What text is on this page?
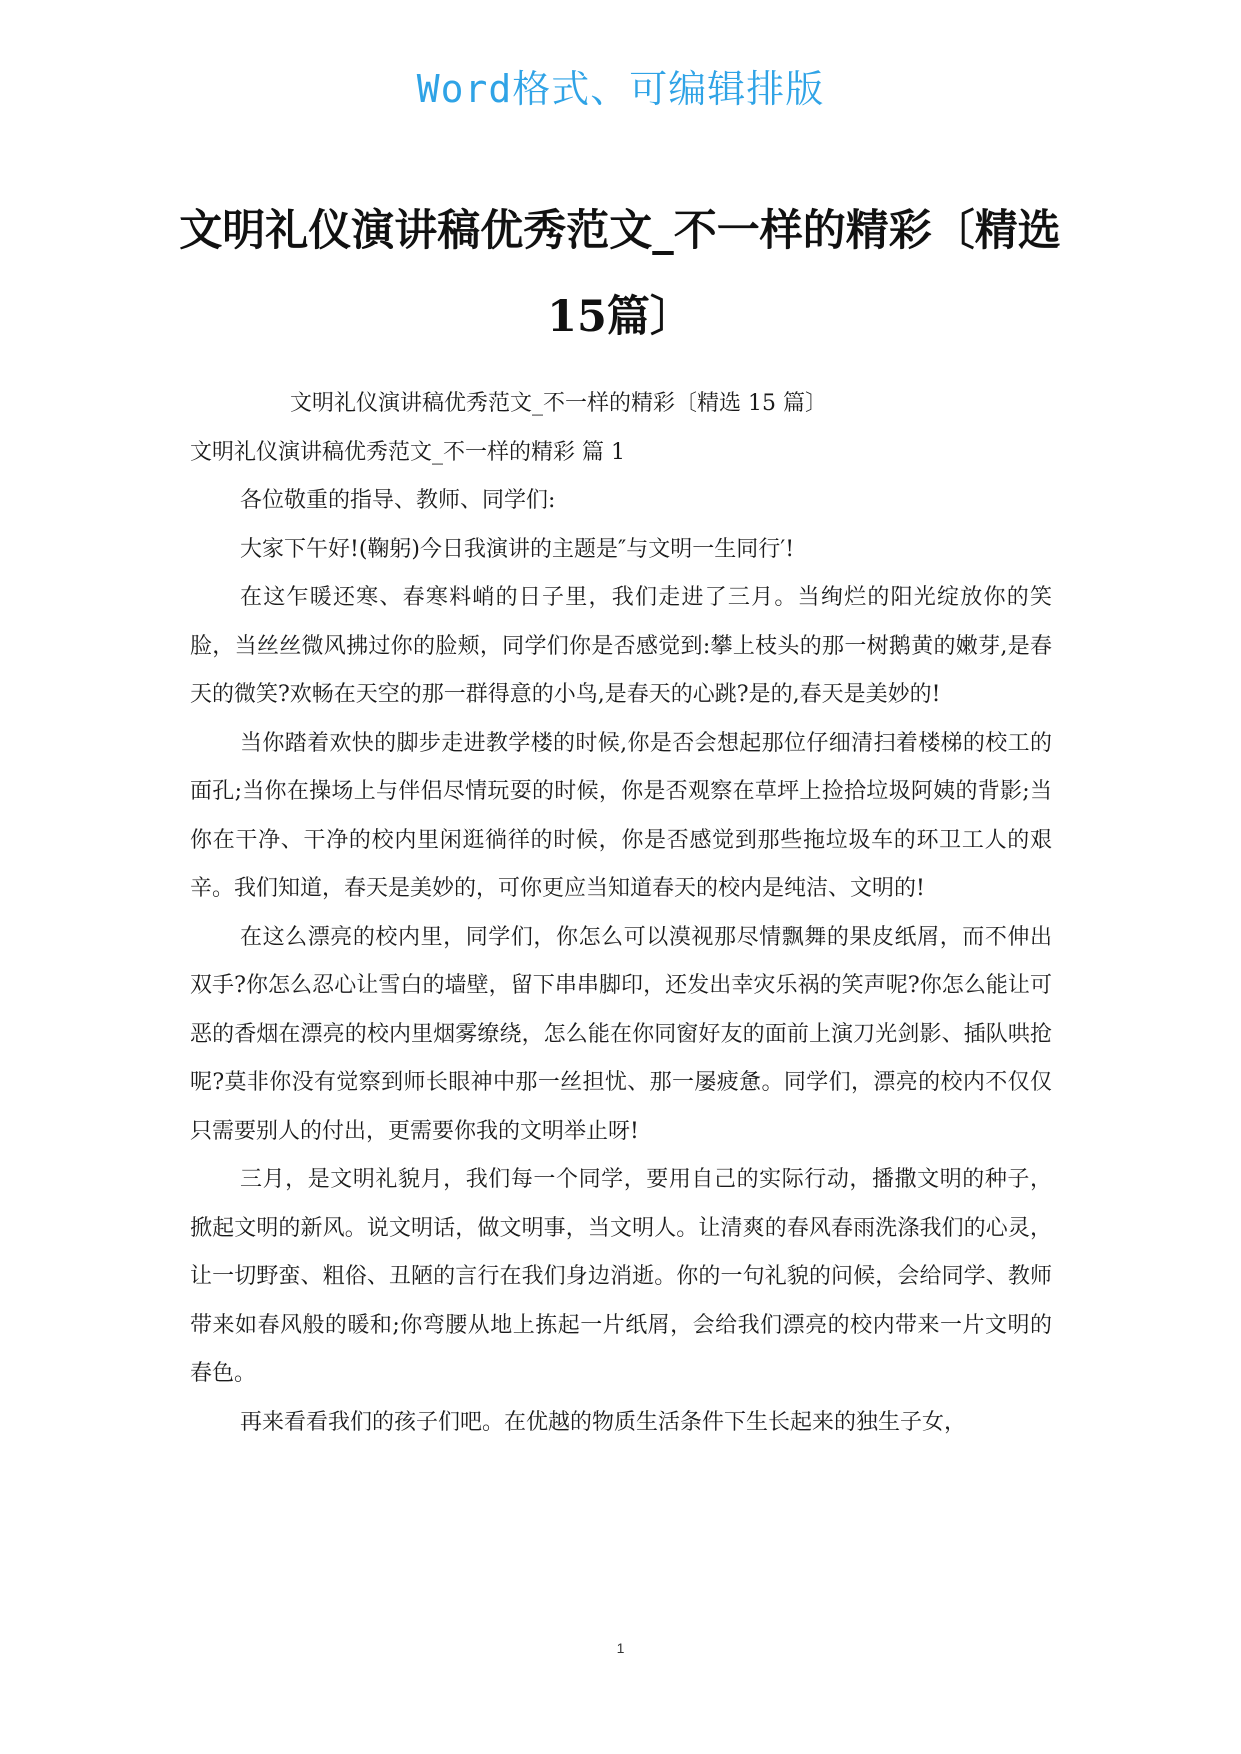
Word格式、可编辑排版
文明礼仪演讲稿优秀范文_不一样的精彩〔精选
15篇〕

文明礼仪演讲稿优秀范文_不一样的精彩〔精选 15 篇〕

文明礼仪演讲稿优秀范文_不一样的精彩 篇 1

各位敬重的指导、教师、同学们:

大家下午好!(鞠躬)今日我演讲的主题是″与文明一生同行′!

在这乍暖还寒、春寒料峭的日子里，我们走进了三月。当绚烂的阳光绽放你的笑脸，当丝丝微风拂过你的脸颊，同学们你是否感觉到:攀上枝头的那一树鹅黄的嫩芽,是春天的微笑?欢畅在天空的那一群得意的小鸟,是春天的心跳?是的,春天是美妙的!

当你踏着欢快的脚步走进教学楼的时候,你是否会想起那位仔细清扫着楼梯的校工的面孔;当你在操场上与伴侣尽情玩耍的时候，你是否观察在草坪上捡拾垃圾阿姨的背影;当你在干净、干净的校内里闲逛徜徉的时候，你是否感觉到那些拖垃圾车的环卫工人的艰辛。我们知道，春天是美妙的，可你更应当知道春天的校内是纯洁、文明的!

在这么漂亮的校内里，同学们，你怎么可以漠视那尽情飘舞的果皮纸屑，而不伸出双手?你怎么忍心让雪白的墙壁，留下串串脚印，还发出幸灾乐祸的笑声呢?你怎么能让可恶的香烟在漂亮的校内里烟雾缭绕，怎么能在你同窗好友的面前上演刀光剑影、插队哄抢呢?莫非你没有觉察到师长眼神中那一丝担忧、那一屡疲惫。同学们，漂亮的校内不仅仅只需要别人的付出，更需要你我的文明举止呀!

三月，是文明礼貌月，我们每一个同学，要用自己的实际行动，播撒文明的种子，掀起文明的新风。说文明话，做文明事，当文明人。让清爽的春风春雨洗涤我们的心灵，让一切野蛮、粗俗、丑陋的言行在我们身边消逝。你的一句礼貌的问候，会给同学、教师带来如春风般的暖和;你弯腰从地上拣起一片纸屑，会给我们漂亮的校内带来一片文明的春色。

再来看看我们的孩子们吧。在优越的物质生活条件下生长起来的独生子女，

1
